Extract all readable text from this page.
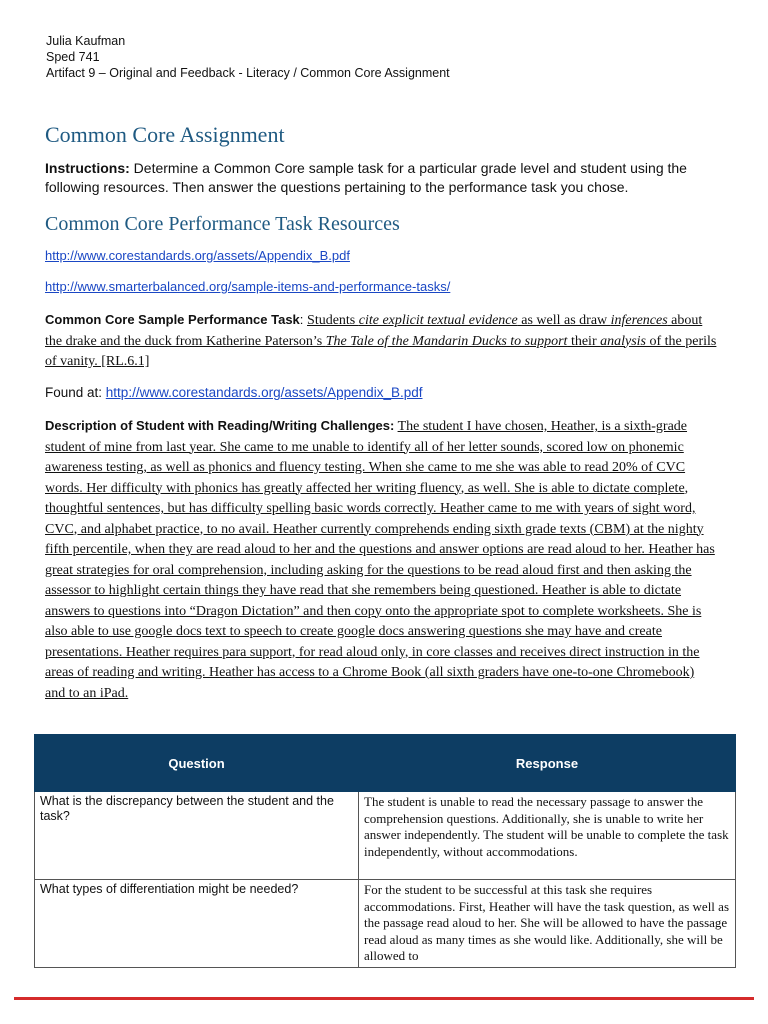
Julia Kaufman
Sped 741
Artifact 9 – Original and Feedback - Literacy / Common Core Assignment
Common Core Assignment
Instructions: Determine a Common Core sample task for a particular grade level and student using the following resources. Then answer the questions pertaining to the performance task you chose.
Common Core Performance Task Resources
http://www.corestandards.org/assets/Appendix_B.pdf
http://www.smarterbalanced.org/sample-items-and-performance-tasks/
Common Core Sample Performance Task: Students cite explicit textual evidence as well as draw inferences about the drake and the duck from Katherine Paterson’s The Tale of the Mandarin Ducks to support their analysis of the perils of vanity. [RL.6.1]
Found at: http://www.corestandards.org/assets/Appendix_B.pdf
Description of Student with Reading/Writing Challenges: The student I have chosen, Heather, is a sixth-grade student of mine from last year. She came to me unable to identify all of her letter sounds, scored low on phonemic awareness testing, as well as phonics and fluency testing. When she came to me she was able to read 20% of CVC words. Her difficulty with phonics has greatly affected her writing fluency, as well. She is able to dictate complete, thoughtful sentences, but has difficulty spelling basic words correctly. Heather came to me with years of sight word, CVC, and alphabet practice, to no avail. Heather currently comprehends ending sixth grade texts (CBM) at the nighty fifth percentile, when they are read aloud to her and the questions and answer options are read aloud to her. Heather has great strategies for oral comprehension, including asking for the questions to be read aloud first and then asking the assessor to highlight certain things they have read that she remembers being questioned. Heather is able to dictate answers to questions into “Dragon Dictation” and then copy onto the appropriate spot to complete worksheets. She is also able to use google docs text to speech to create google docs answering questions she may have and create presentations. Heather requires para support, for read aloud only, in core classes and receives direct instruction in the areas of reading and writing. Heather has access to a Chrome Book (all sixth graders have one-to-one Chromebook) and to an iPad.
Question	Response
What is the discrepancy between the student and the task?	The student is unable to read the necessary passage to answer the comprehension questions. Additionally, she is unable to write her answer independently. The student will be unable to complete the task independently, without accommodations.
What types of differentiation might be needed?	For the student to be successful at this task she requires accommodations. First, Heather will have the task question, as well as the passage read aloud to her. She will be allowed to have the passage read aloud as many times as she would like. Additionally, she will be allowed to
